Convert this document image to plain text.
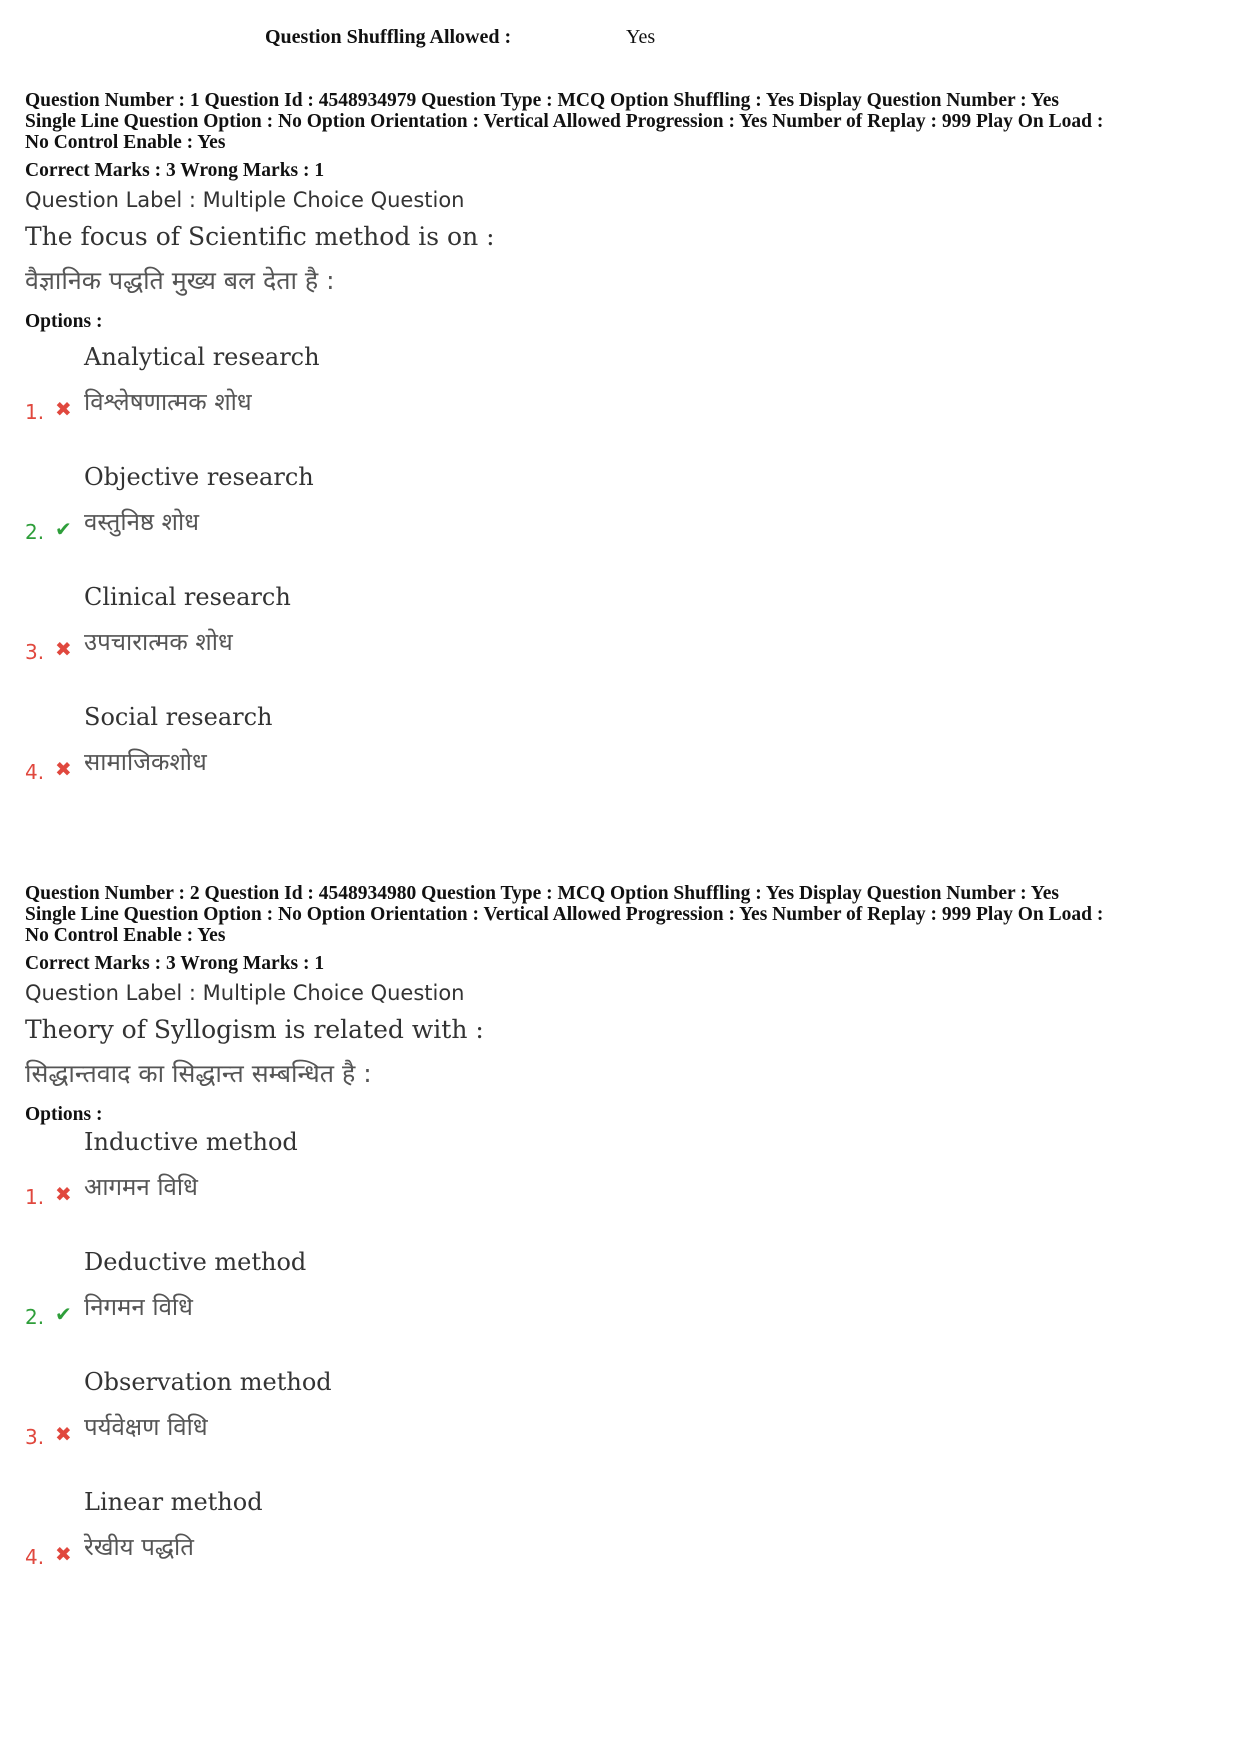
Question Shuffling Allowed :	Yes

Question Number : 1 Question Id : 4548934979 Question Type : MCQ Option Shuffling : Yes Display Question Number : Yes

Single Line Question Option : No Option Orientation : Vertical Allowed Progression : Yes Number of Replay : 999 Play On Load :

No Control Enable : Yes

Correct Marks : 3 Wrong Marks : 1
Question Label : Multiple Choice Question
The focus of Scientific method is on :
वैज्ञानिक पद्धति मुख्य बल देता है :
Options :
Analytical research
विश्लेषणात्मक शोध
1. ✖
Objective research
वस्तुनिष्ठ शोध
2. ✔
Clinical research
उपचारात्मक शोध
3. ✖
Social research
सामाजिकशोध
4. ✖

Question Number : 2 Question Id : 4548934980 Question Type : MCQ Option Shuffling : Yes Display Question Number : Yes

Single Line Question Option : No Option Orientation : Vertical Allowed Progression : Yes Number of Replay : 999 Play On Load :

No Control Enable : Yes

Correct Marks : 3 Wrong Marks : 1
Question Label : Multiple Choice Question
Theory of Syllogism is related with :
सिद्धान्तवाद का सिद्धान्त सम्बन्धित है :
Options :
Inductive method
आगमन विधि
1. ✖
Deductive method
निगमन विधि
2. ✔
Observation method
पर्यवेक्षण विधि
3. ✖
Linear method
रेखीय पद्धति
4. ✖
